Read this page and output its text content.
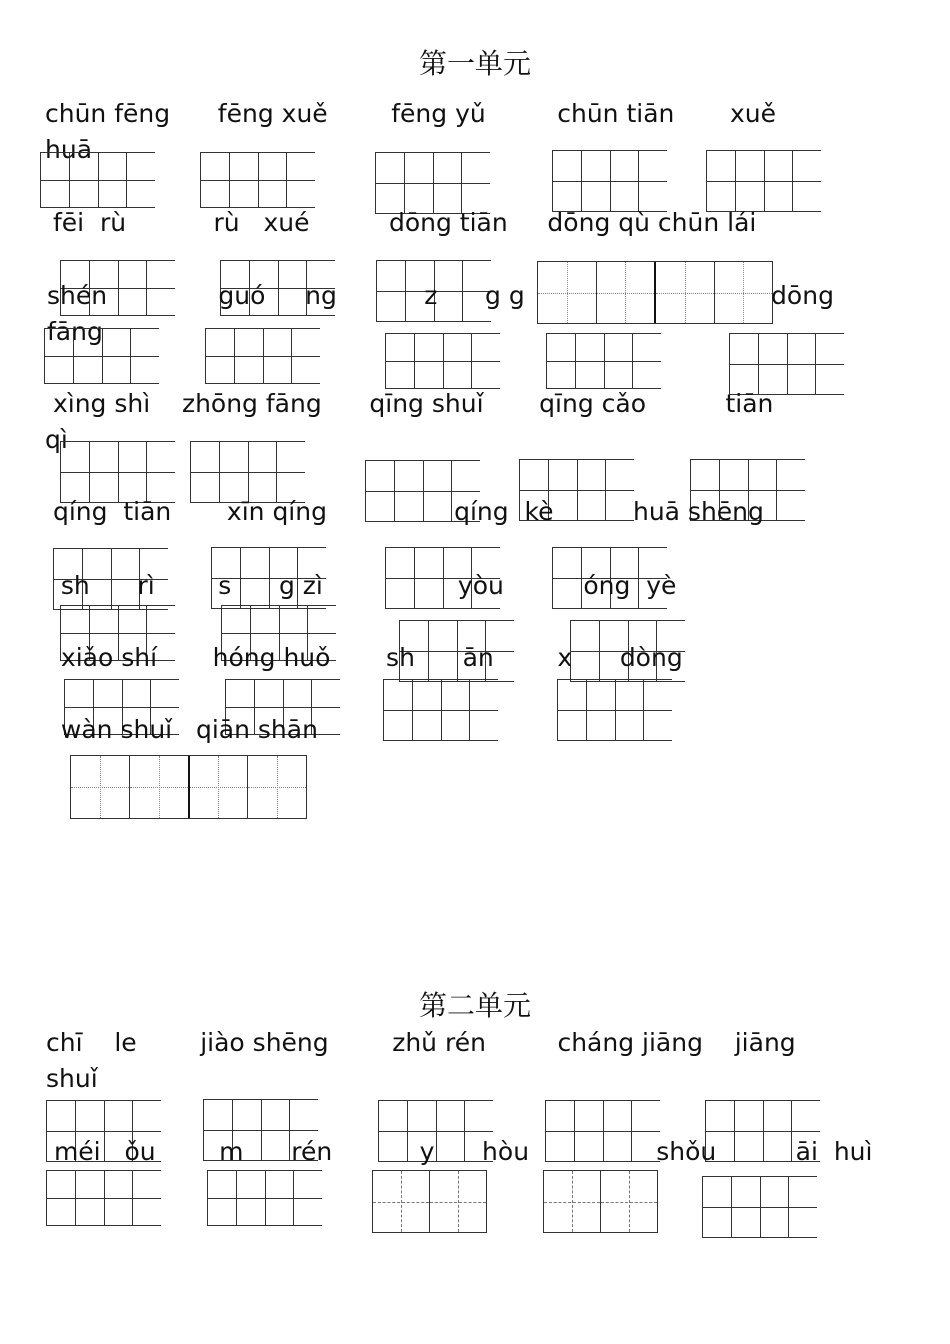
第一单元
chūn fēng      fēng xuě        fēng yǔ         chūn tiān       xuě
huā
fēi  rù           rù   xué          dōng tiān     dōng qù chūn lái
shén              guó     ng           z      g g                               dōng
fāng
xìng shì    zhōng fāng      qīng shuǐ       qīng cǎo          tiān
qì
qíng  tiān       xīn qíng                qíng  kè          huā shēng
sh      rì        s      g zì                 yòu          óng  yè
xiǎo shí       hóng huǒ       sh      ān        x      dòng
wàn shuǐ   qiān shān
第二单元
chī    le        jiào shēng        zhǔ rén         cháng jiāng    jiāng
shuǐ
méi   ǒu        m      rén           y      hòu                shǒu          āi  huì
